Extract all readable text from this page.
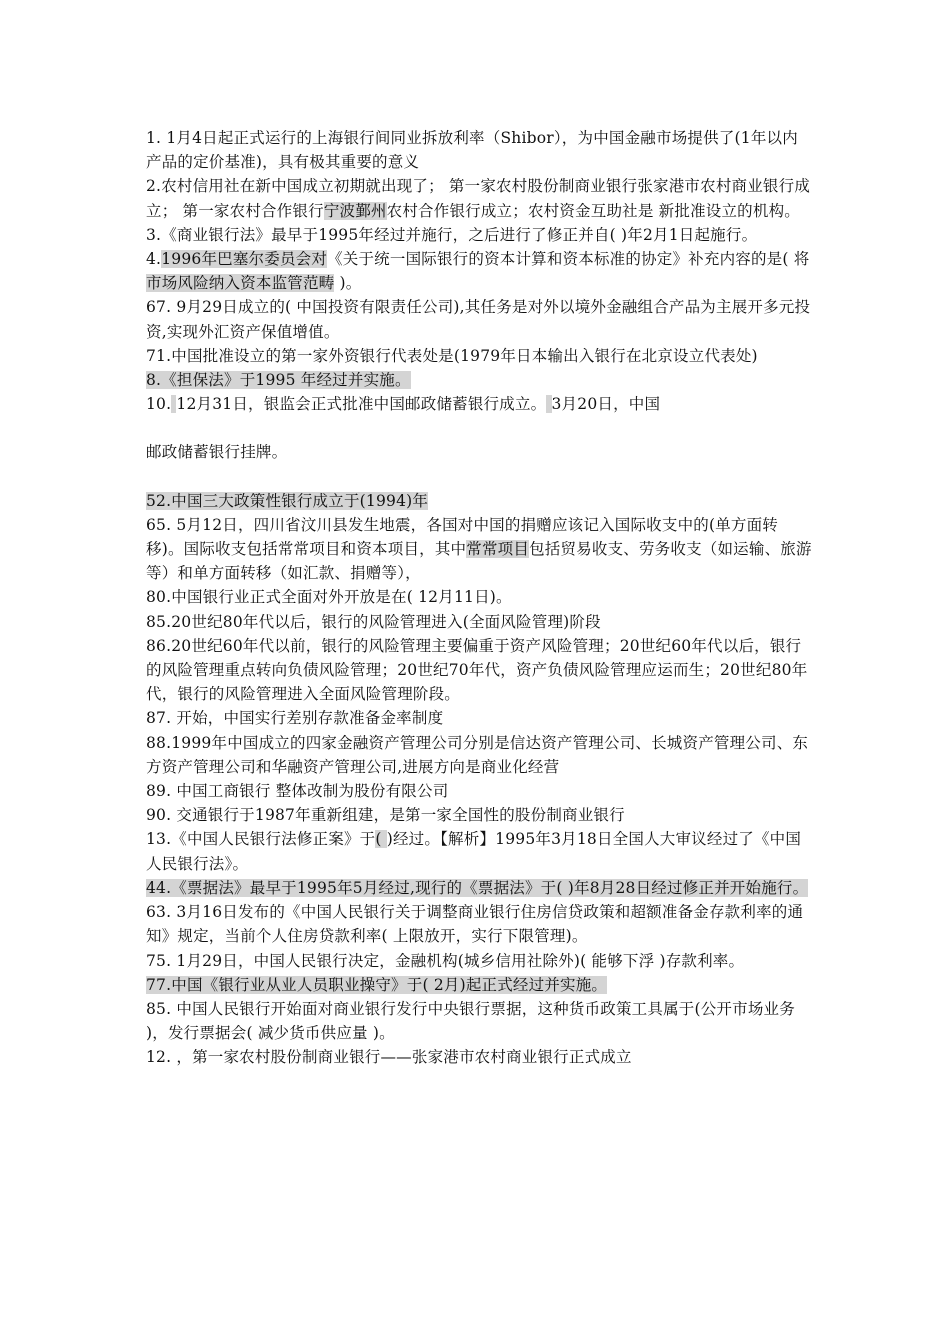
1. 1月4日起正式运行的上海银行间同业拆放利率（Shibor），为中国金融市场提供了(1年以内产品的定价基准)，具有极其重要的意义

2.农村信用社在新中国成立初期就出现了； 第一家农村股份制商业银行张家港市农村商业银行成立； 第一家农村合作银行宁波鄞州农村合作银行成立；农村资金互助社是 新批准设立的机构。

3.《商业银行法》最早于1995年经过并施行，之后进行了修正并自( )年2月1日起施行。

4.1996年巴塞尔委员会对《关于统一国际银行的资本计算和资本标准的协定》补充内容的是( 将市场风险纳入资本监管范畴 )。

67. 9月29日成立的( 中国投资有限责任公司),其任务是对外以境外金融组合产品为主展开多元投资,实现外汇资产保值增值。

71.中国批准设立的第一家外资银行代表处是(1979年日本输出入银行在北京设立代表处)

8.《担保法》于1995 年经过并实施。

10. 12月31日，银监会正式批准中国邮政储蓄银行成立。 3月20日，中国

邮政储蓄银行挂牌。

52.中国三大政策性银行成立于(1994)年

65. 5月12日，四川省汶川县发生地震，各国对中国的捐赠应该记入国际收支中的(单方面转移)。国际收支包括常常项目和资本项目，其中常常项目包括贸易收支、劳务收支（如运输、旅游等）和单方面转移（如汇款、捐赠等），

80.中国银行业正式全面对外开放是在( 12月11日)。

85.20世纪80年代以后，银行的风险管理进入(全面风险管理)阶段

86.20世纪60年代以前，银行的风险管理主要偏重于资产风险管理；20世纪60年代以后，银行的风险管理重点转向负债风险管理；20世纪70年代，资产负债风险管理应运而生；20世纪80年代，银行的风险管理进入全面风险管理阶段。

87. 开始，中国实行差别存款准备金率制度

88.1999年中国成立的四家金融资产管理公司分别是信达资产管理公司、长城资产管理公司、东方资产管理公司和华融资产管理公司,进展方向是商业化经营

89. 中国工商银行 整体改制为股份有限公司

90. 交通银行于1987年重新组建，是第一家全国性的股份制商业银行

13.《中国人民银行法修正案》于( )经过。【解析】1995年3月18日全国人大审议经过了《中国人民银行法》。

44.《票据法》最早于1995年5月经过,现行的《票据法》于( )年8月28日经过修正并开始施行。

63. 3月16日发布的《中国人民银行关于调整商业银行住房信贷政策和超额准备金存款利率的通知》规定，当前个人住房贷款利率( 上限放开，实行下限管理)。

75. 1月29日，中国人民银行决定，金融机构(城乡信用社除外)( 能够下浮 )存款利率。

77.中国《银行业从业人员职业操守》于( 2月)起正式经过并实施。

85. 中国人民银行开始面对商业银行发行中央银行票据，这种货币政策工具属于(公开市场业务 )，发行票据会( 减少货币供应量 )。

12. ，第一家农村股份制商业银行——张家港市农村商业银行正式成立
